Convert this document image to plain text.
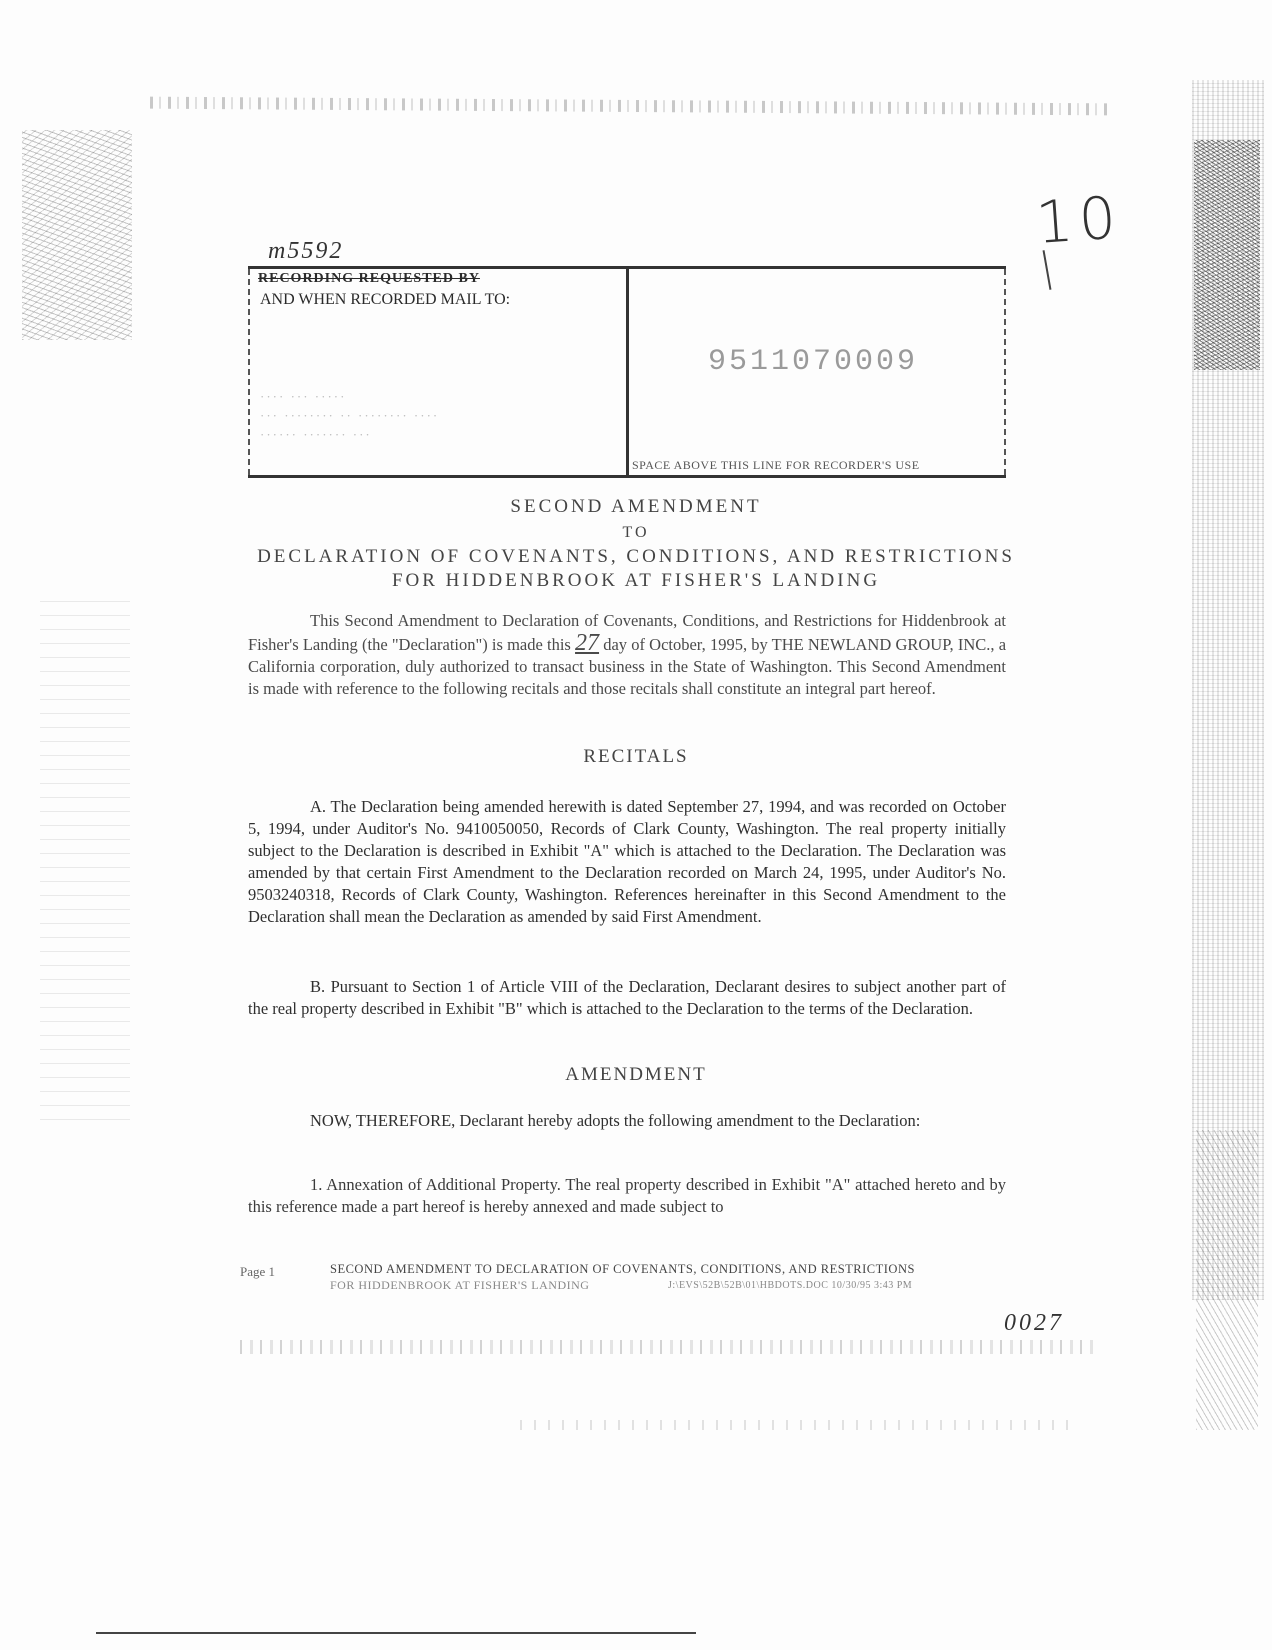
10
m5592
RECORDING REQUESTED BY
AND WHEN RECORDED MAIL TO:
···· ··· ·····
··· ········ ·· ········ ····
······ ······· ···
9511070009
SPACE ABOVE THIS LINE FOR RECORDER'S USE
SECOND AMENDMENT
TO
DECLARATION OF COVENANTS, CONDITIONS, AND RESTRICTIONS
FOR HIDDENBROOK AT FISHER'S LANDING
This Second Amendment to Declaration of Covenants, Conditions, and Restrictions for Hiddenbrook at Fisher's Landing (the "Declaration") is made this 27 day of October, 1995, by THE NEWLAND GROUP, INC., a California corporation, duly authorized to transact business in the State of Washington. This Second Amendment is made with reference to the following recitals and those recitals shall constitute an integral part hereof.
RECITALS
A. The Declaration being amended herewith is dated September 27, 1994, and was recorded on October 5, 1994, under Auditor's No. 9410050050, Records of Clark County, Washington. The real property initially subject to the Declaration is described in Exhibit "A" which is attached to the Declaration. The Declaration was amended by that certain First Amendment to the Declaration recorded on March 24, 1995, under Auditor's No. 9503240318, Records of Clark County, Washington. References hereinafter in this Second Amendment to the Declaration shall mean the Declaration as amended by said First Amendment.
B. Pursuant to Section 1 of Article VIII of the Declaration, Declarant desires to subject another part of the real property described in Exhibit "B" which is attached to the Declaration to the terms of the Declaration.
AMENDMENT
NOW, THEREFORE, Declarant hereby adopts the following amendment to the Declaration:
1. Annexation of Additional Property. The real property described in Exhibit "A" attached hereto and by this reference made a part hereof is hereby annexed and made subject to
Page 1	SECOND AMENDMENT TO DECLARATION OF COVENANTS, CONDITIONS, AND RESTRICTIONS
FOR HIDDENBROOK AT FISHER'S LANDING	J:\EVS\52B\52B\01\HBDOTS.DOC 10/30/95 3:43 PM
0027
